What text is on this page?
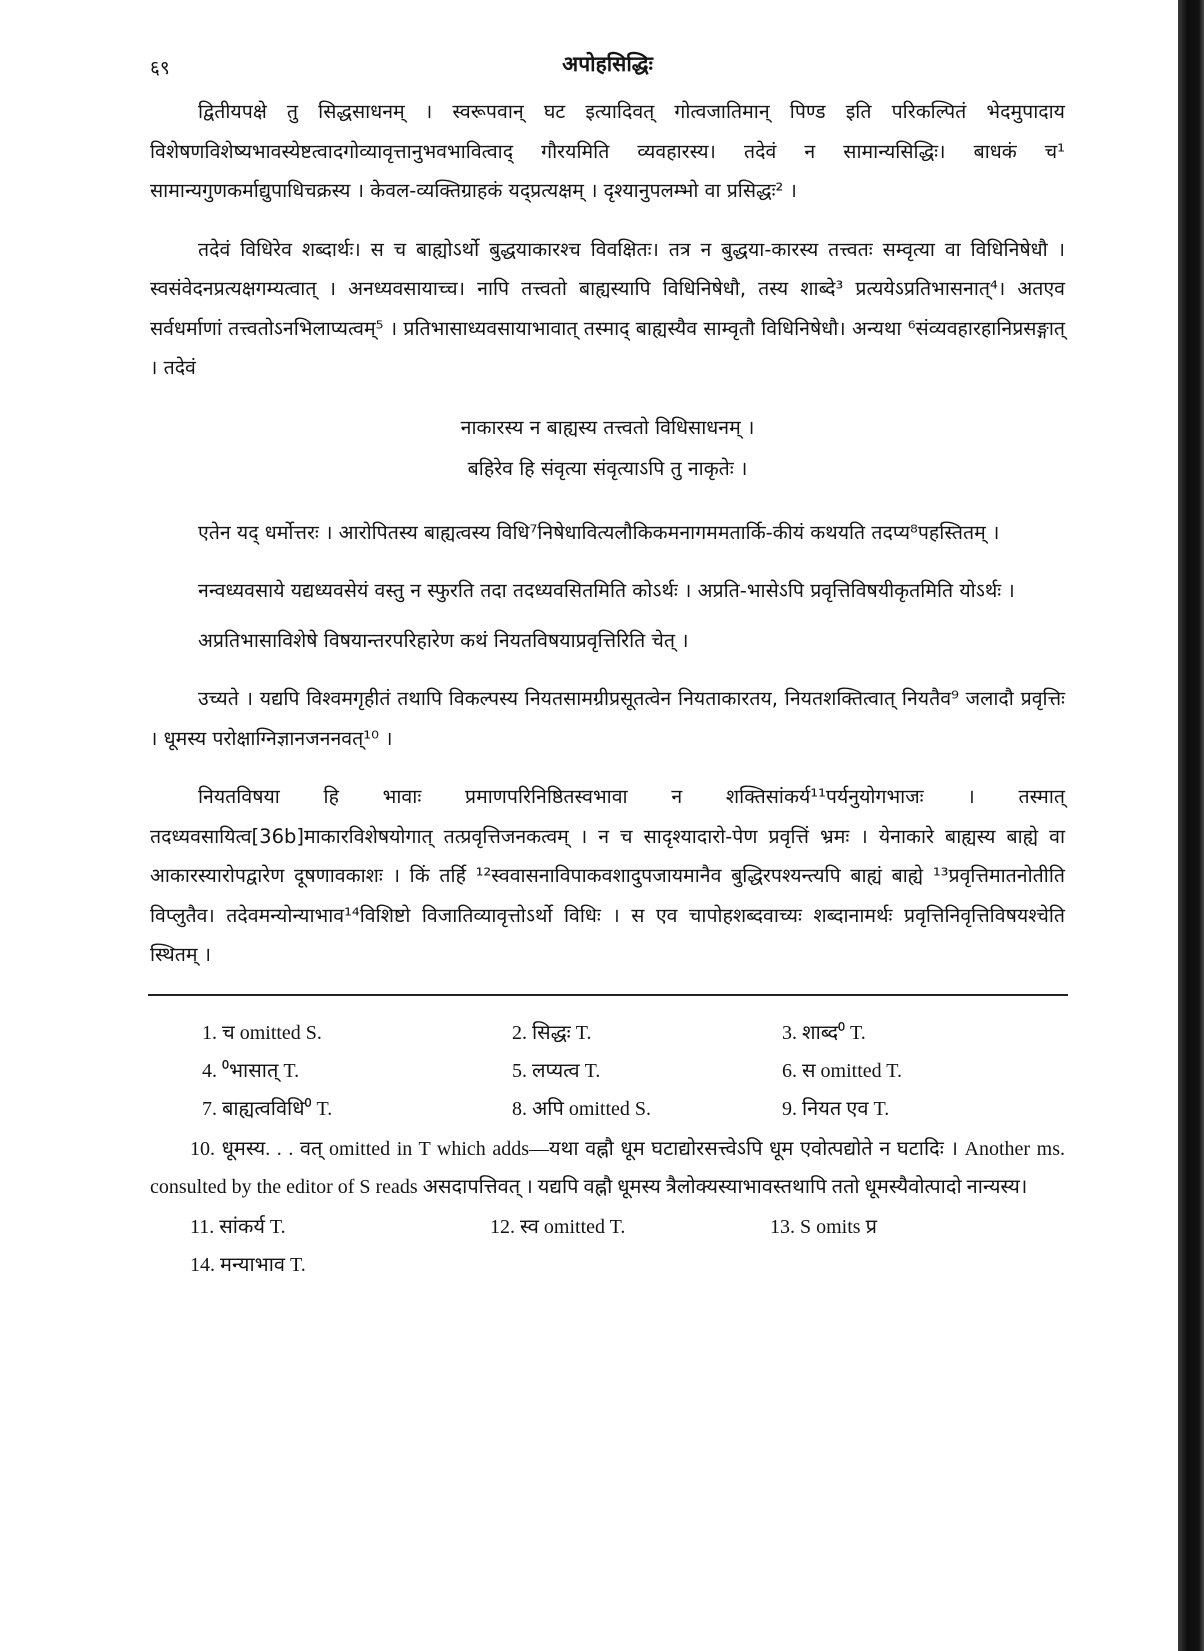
६९	अपोहसिद्धिः

द्वितीयपक्षे तु सिद्धसाधनम् । स्वरूपवान् घट इत्यादिवत् गोत्वजातिमान् पिण्ड इति परिकल्पितं भेदमुपादाय विशेषणविशेष्यभावस्येष्टत्वादगोव्यावृत्तानुभवभावित्वाद् गौरयमिति व्यवहारस्य। तदेवं न सामान्यसिद्धिः। बाधकं च¹ सामान्यगुणकर्माद्युपाधिचक्रस्य । केवल-व्यक्तिग्राहकं यद्प्रत्यक्षम् । दृश्यानुपलम्भो वा प्रसिद्धः² ।

तदेवं विधिरेव शब्दार्थः। स च बाह्योऽर्थो बुद्धयाकारश्च विवक्षितः। तत्र न बुद्धया-कारस्य तत्त्वतः सम्वृत्या वा विधिनिषेधौ । स्वसंवेदनप्रत्यक्षगम्यत्वात् । अनध्यवसायाच्च। नापि तत्त्वतो बाह्यस्यापि विधिनिषेधौ, तस्य शाब्दे³ प्रत्ययेऽप्रतिभासनात्⁴। अतएव सर्वधर्माणां तत्त्वतोऽनभिलाप्यत्वम्⁵ । प्रतिभासाध्यवसायाभावात् तस्माद् बाह्यस्यैव साम्वृतौ विधिनिषेधौ। अन्यथा ⁶संव्यवहारहानिप्रसङ्गात् । तदेवं

नाकारस्य न बाह्यस्य तत्त्वतो विधिसाधनम् ।
बहिरेव हि संवृत्या संवृत्याऽपि तु नाकृतेः ।

एतेन यद् धर्मोत्तरः । आरोपितस्य बाह्यत्वस्य विधि⁷निषेधावित्यलौकिकमनागममतार्कि-कीयं कथयति तदप्य⁸पहस्तितम् ।

नन्वध्यवसाये यद्यध्यवसेयं वस्तु न स्फुरति तदा तदध्यवसितमिति कोऽर्थः । अप्रति-भासेऽपि प्रवृत्तिविषयीकृतमिति योऽर्थः ।

अप्रतिभासाविशेषे विषयान्तरपरिहारेण कथं नियतविषयाप्रवृत्तिरिति चेत् ।

उच्यते । यद्यपि विश्वमगृहीतं तथापि विकल्पस्य नियतसामग्रीप्रसूतत्वेन नियताकारतय, नियतशक्तित्वात् नियतैव⁹ जलादौ प्रवृत्तिः । धूमस्य परोक्षाग्निज्ञानजननवत्¹⁰ ।

नियतविषया हि भावाः प्रमाणपरिनिष्ठितस्वभावा न शक्तिसांकर्य¹¹पर्यनुयोगभाजः । तस्मात् तदध्यवसायित्व[36b]माकारविशेषयोगात् तत्प्रवृत्तिजनकत्वम् । न च सादृश्यादारो-पेण प्रवृत्तिं भ्रमः । येनाकारे बाह्यस्य बाह्ये वा आकारस्यारोपद्वारेण दूषणावकाशः । किं तर्हि ¹²स्ववासनाविपाकवशादुपजायमानैव बुद्धिरपश्यन्त्यपि बाह्यं बाह्ये ¹³प्रवृत्तिमातनोतीति विप्लुतैव। तदेवमन्योन्याभाव¹⁴विशिष्टो विजातिव्यावृत्तोऽर्थो विधिः । स एव चापोहशब्दवाच्यः शब्दानामर्थः प्रवृत्तिनिवृत्तिविषयश्चेति स्थितम् ।

1. च omitted S.	2. सिद्धः T.	3. शाब्द⁰ T.
4. ⁰भासात् T.	5. लप्यत्व T.	6. स omitted T.
7. बाह्यत्वविधि⁰ T.	8. अपि omitted S.	9. नियत एव T.

10. धूमस्य. . . वत् omitted in T which adds—यथा वह्नौ धूम घटाद्योरसत्त्वेऽपि धूम एवोत्पद्योते न घटादिः । Another ms. consulted by the editor of S reads असदापत्तिवत् । यद्यपि वह्नौ धूमस्य त्रैलोक्यस्याभावस्तथापि ततो धूमस्यैवोत्पादो नान्यस्य।

11. सांकर्य T.	12. स्व omitted T.	13. S omits प्र
14. मन्याभाव T.
